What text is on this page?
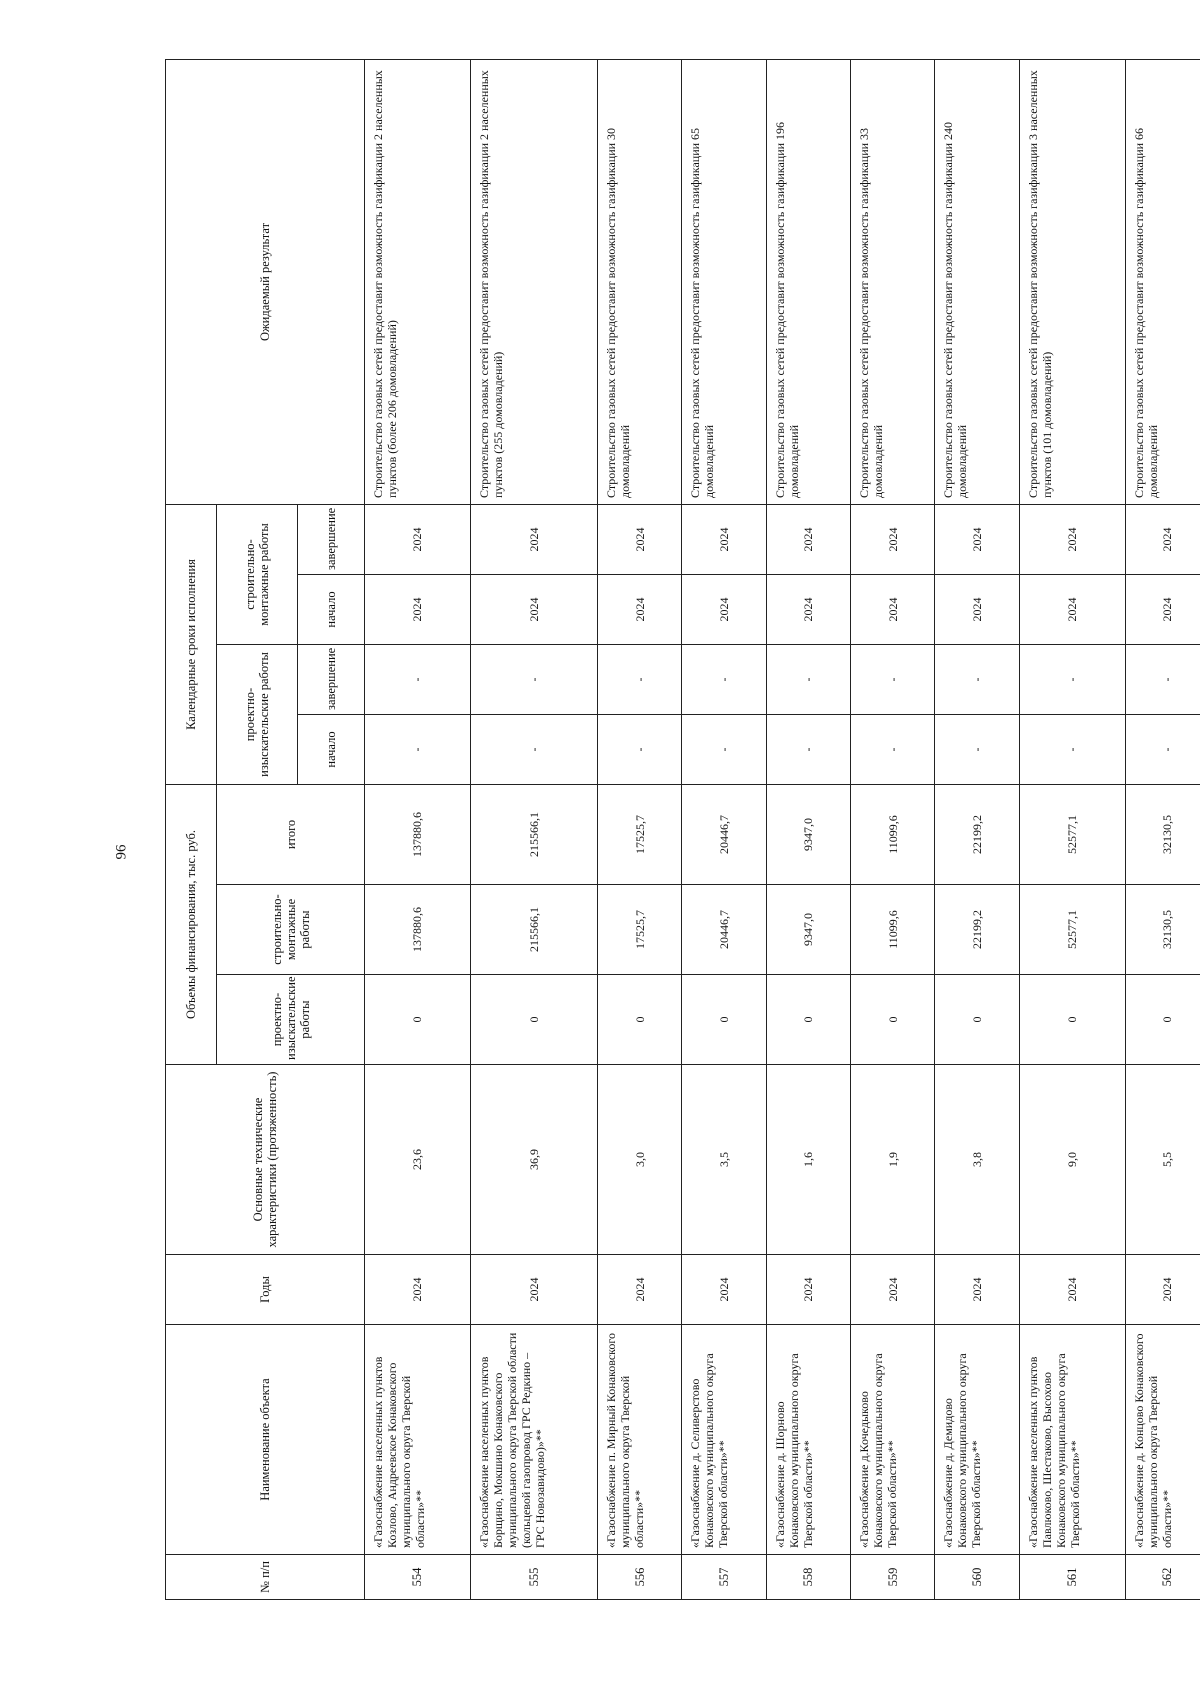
96
№ п/п	Наименование объекта	Годы	Основные технические характеристики (протяженность)	Объемы финансирования, тыс. руб.			Календарные сроки исполнения				Ожидаемый результат
				проектно-изыскательские работы	строительно-монтажные работы	итого	проектно-изыскательские работы		строительно-монтажные работы		
							начало	завершение	начало	завершение	
554	«Газоснабжение населенных пунктов Козлово, Андреевское Конаковского муниципального округа Тверской области»**	2024	23,6	0	137880,6	137880,6	-	-	2024	2024	Строительство газовых сетей предоставит возможность газификации 2 населенных пунктов (более 206 домовладений)
555	«Газоснабжение населенных пунктов Борщино, Мокшино Конаковского муниципального округа Тверской области (кольцевой газопровод ГРС Редкино – ГРС Новозавидово)»**	2024	36,9	0	215566,1	215566,1	-	-	2024	2024	Строительство газовых сетей предоставит возможность газификации 2 населенных пунктов (255 домовладений)
556	«Газоснабжение п. Мирный Конаковского муниципального округа Тверской области»**	2024	3,0	0	17525,7	17525,7	-	-	2024	2024	Строительство газовых сетей предоставит возможность газификации 30 домовладений
557	«Газоснабжение д. Селиверстово Конаковского муниципального округа Тверской области»**	2024	3,5	0	20446,7	20446,7	-	-	2024	2024	Строительство газовых сетей предоставит возможность газификации 65 домовладений
558	«Газоснабжение д. Шорново Конаковского муниципального округа Тверской области»**	2024	1,6	0	9347,0	9347,0	-	-	2024	2024	Строительство газовых сетей предоставит возможность газификации 196 домовладений
559	«Газоснабжение д.Кочедыково Конаковского муниципального округа Тверской области»**	2024	1,9	0	11099,6	11099,6	-	-	2024	2024	Строительство газовых сетей предоставит возможность газификации 33 домовладений
560	«Газоснабжение д. Демидово Конаковского муниципального округа Тверской области»**	2024	3,8	0	22199,2	22199,2	-	-	2024	2024	Строительство газовых сетей предоставит возможность газификации 240 домовладений
561	«Газоснабжение населенных пунктов Павлюково, Шестаково, Высохово Конаковского муниципального округа Тверской области»**	2024	9,0	0	52577,1	52577,1	-	-	2024	2024	Строительство газовых сетей предоставит возможность газификации 3 населенных пунктов (101 домовладений)
562	«Газоснабжение д. Концово Конаковского муниципального округа Тверской области»**	2024	5,5	0	32130,5	32130,5	-	-	2024	2024	Строительство газовых сетей предоставит возможность газификации 66 домовладений
